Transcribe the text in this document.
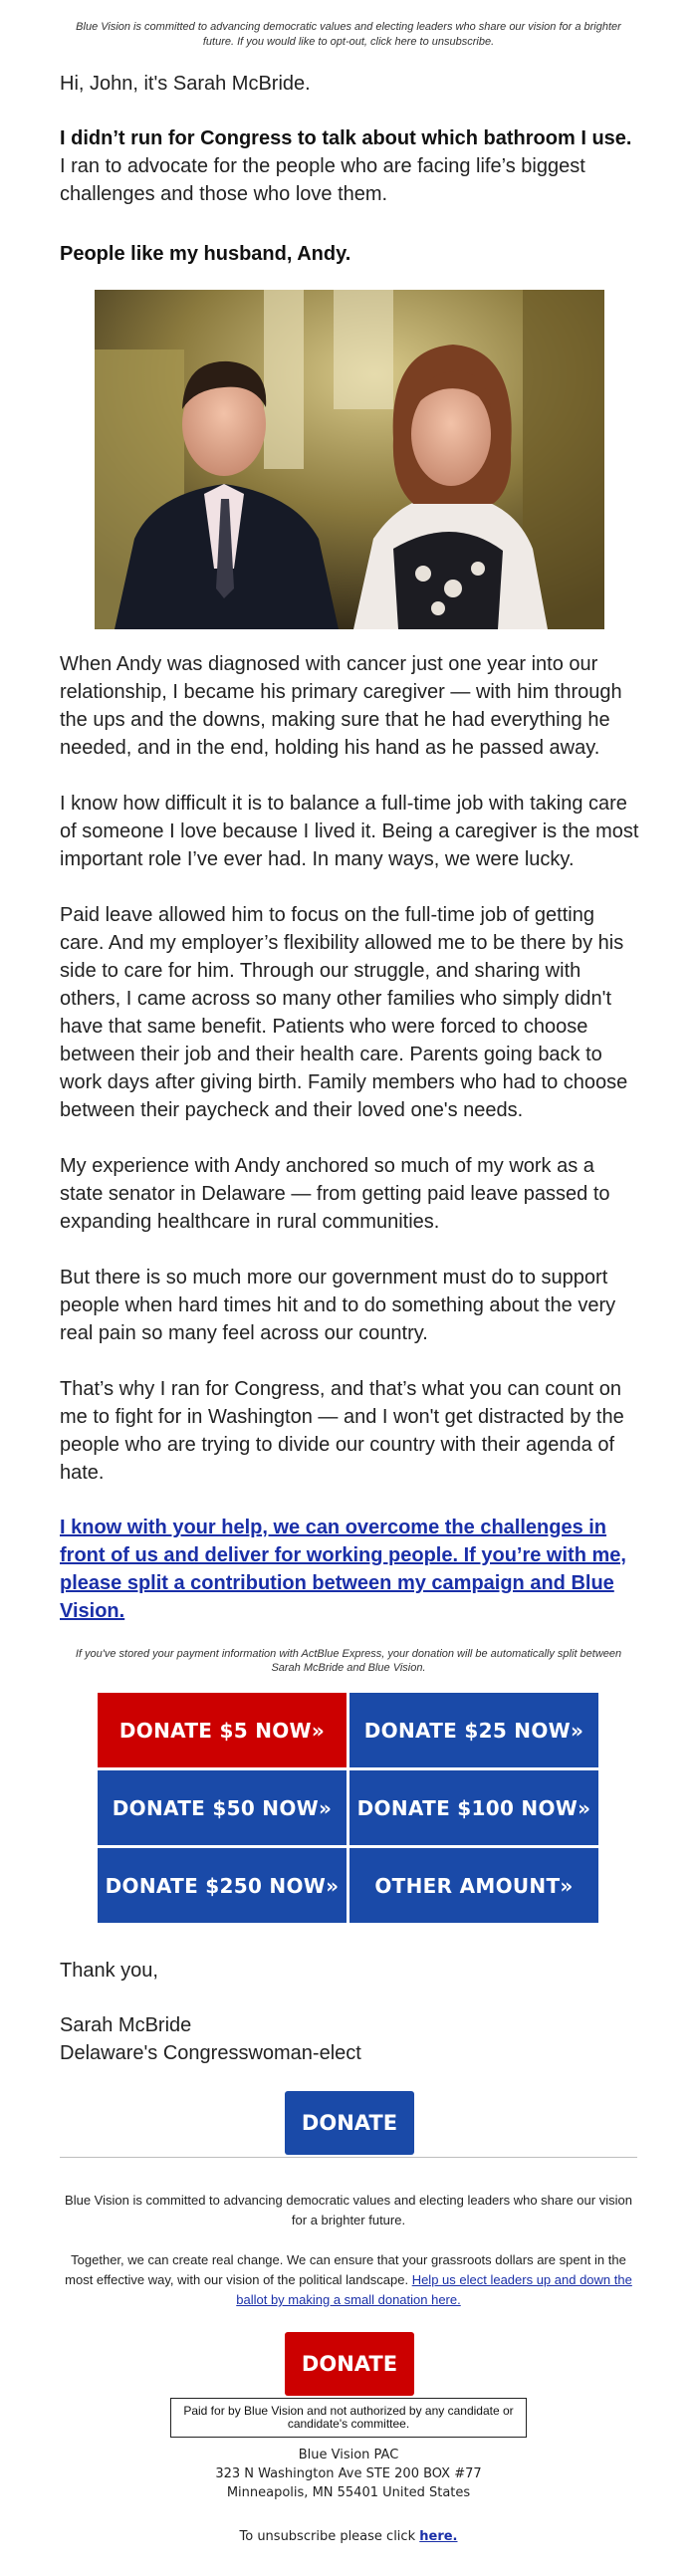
Blue Vision is committed to advancing democratic values and electing leaders who share our vision for a brighter future. If you would like to opt-out, click here to unsubscribe.
Hi, John, it's Sarah McBride.

I didn’t run for Congress to talk about which bathroom I use.
I ran to advocate for the people who are facing life’s biggest challenges and those who love them.

People like my husband, Andy.

When Andy was diagnosed with cancer just one year into our relationship, I became his primary caregiver — with him through the ups and the downs, making sure that he had everything he needed, and in the end, holding his hand as he passed away.

I know how difficult it is to balance a full-time job with taking care of someone I love because I lived it. Being a caregiver is the most important role I’ve ever had. In many ways, we were lucky.

Paid leave allowed him to focus on the full-time job of getting care. And my employer’s flexibility allowed me to be there by his side to care for him. Through our struggle, and sharing with others, I came across so many other families who simply didn't have that same benefit. Patients who were forced to choose between their job and their health care. Parents going back to work days after giving birth. Family members who had to choose between their paycheck and their loved one's needs.

My experience with Andy anchored so much of my work as a state senator in Delaware — from getting paid leave passed to expanding healthcare in rural communities.

But there is so much more our government must do to support people when hard times hit and to do something about the very real pain so many feel across our country.

That’s why I ran for Congress, and that’s what you can count on me to fight for in Washington — and I won't get distracted by the people who are trying to divide our country with their agenda of hate.

I know with your help, we can overcome the challenges in front of us and deliver for working people. If you’re with me, please split a contribution between my campaign and Blue Vision.

If you've stored your payment information with ActBlue Express, your donation will be automatically split between Sarah McBride and Blue Vision.
DONATE $5 NOW»	DONATE $25 NOW»
DONATE $50 NOW»	DONATE $100 NOW»
DONATE $250 NOW»	OTHER AMOUNT»
Thank you,
Sarah McBride
Delaware's Congresswoman-elect
DONATE
Blue Vision is committed to advancing democratic values and electing leaders who share our vision for a brighter future.
Together, we can create real change. We can ensure that your grassroots dollars are spent in the most effective way, with our vision of the political landscape. Help us elect leaders up and down the ballot by making a small donation here.
DONATE
Paid for by Blue Vision and not authorized by any candidate or candidate's committee.
Blue Vision PAC
323 N Washington Ave STE 200 BOX #77
Minneapolis, MN 55401 United States
To unsubscribe please click here.
